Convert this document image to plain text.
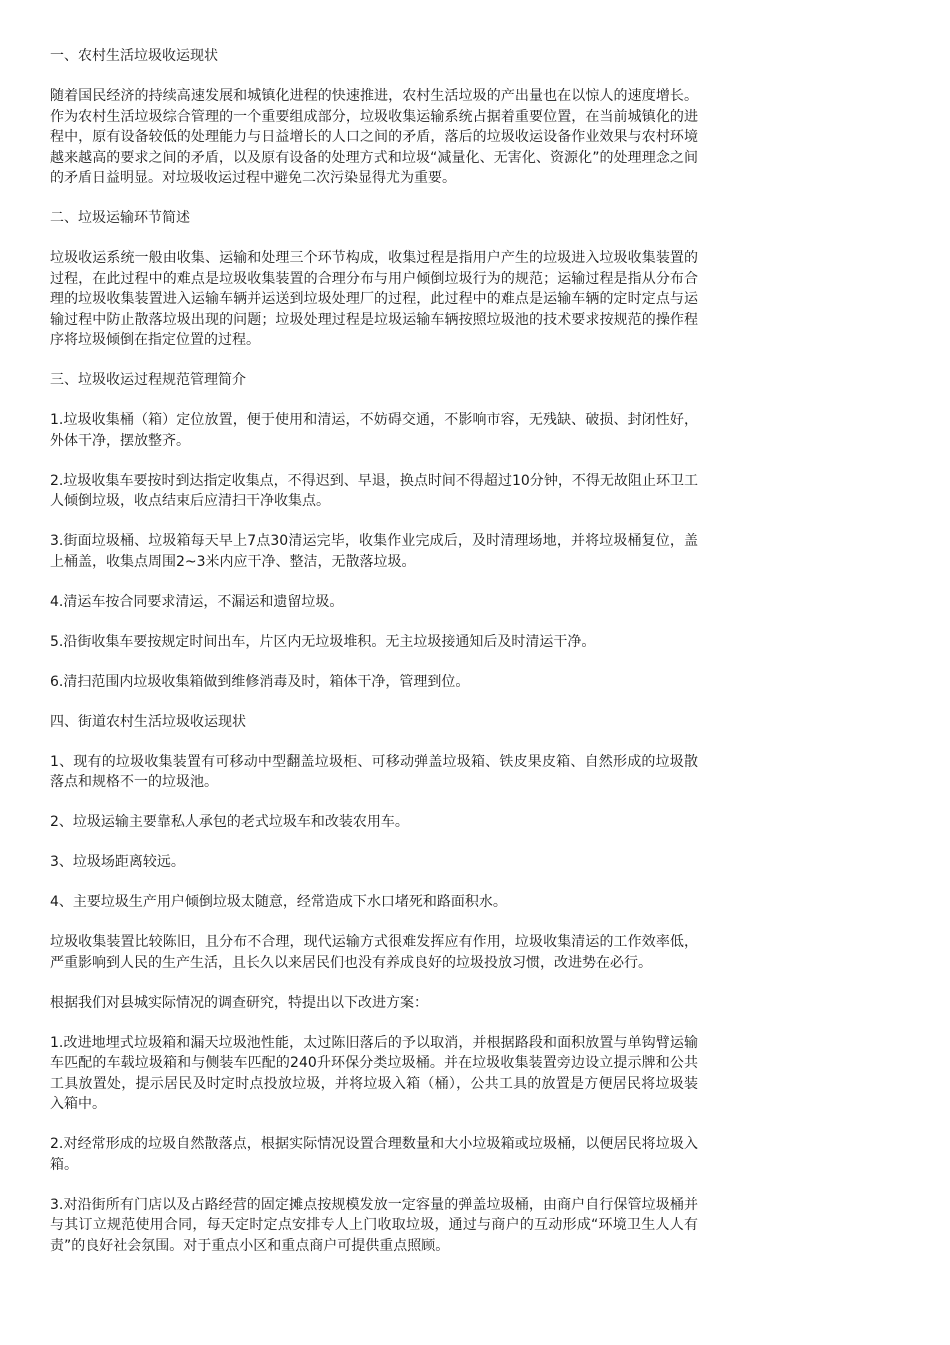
一、农村生活垃圾收运现状

随着国民经济的持续高速发展和城镇化进程的快速推进，农村生活垃圾的产出量也在以惊人的速度增长。作为农村生活垃圾综合管理的一个重要组成部分，垃圾收集运输系统占据着重要位置，在当前城镇化的进程中，原有设备较低的处理能力与日益增长的人口之间的矛盾，落后的垃圾收运设备作业效果与农村环境越来越高的要求之间的矛盾，以及原有设备的处理方式和垃圾“减量化、无害化、资源化”的处理理念之间的矛盾日益明显。对垃圾收运过程中避免二次污染显得尤为重要。

二、垃圾运输环节简述

垃圾收运系统一般由收集、运输和处理三个环节构成，收集过程是指用户产生的垃圾进入垃圾收集装置的过程，在此过程中的难点是垃圾收集装置的合理分布与用户倾倒垃圾行为的规范；运输过程是指从分布合理的垃圾收集装置进入运输车辆并运送到垃圾处理厂的过程，此过程中的难点是运输车辆的定时定点与运输过程中防止散落垃圾出现的问题；垃圾处理过程是垃圾运输车辆按照垃圾池的技术要求按规范的操作程序将垃圾倾倒在指定位置的过程。

三、垃圾收运过程规范管理简介

1.垃圾收集桶（箱）定位放置，便于使用和清运，不妨碍交通，不影响市容，无残缺、破损、封闭性好，外体干净，摆放整齐。

2.垃圾收集车要按时到达指定收集点，不得迟到、早退，换点时间不得超过10分钟，不得无故阻止环卫工人倾倒垃圾，收点结束后应清扫干净收集点。

3.街面垃圾桶、垃圾箱每天早上7点30清运完毕，收集作业完成后，及时清理场地，并将垃圾桶复位，盖上桶盖，收集点周围2~3米内应干净、整洁，无散落垃圾。

4.清运车按合同要求清运，不漏运和遗留垃圾。

5.沿街收集车要按规定时间出车，片区内无垃圾堆积。无主垃圾接通知后及时清运干净。

6.清扫范围内垃圾收集箱做到维修消毒及时，箱体干净，管理到位。

四、街道农村生活垃圾收运现状

1、现有的垃圾收集装置有可移动中型翻盖垃圾柜、可移动弹盖垃圾箱、铁皮果皮箱、自然形成的垃圾散落点和规格不一的垃圾池。

2、垃圾运输主要靠私人承包的老式垃圾车和改装农用车。

3、垃圾场距离较远。

4、主要垃圾生产用户倾倒垃圾太随意，经常造成下水口堵死和路面积水。

垃圾收集装置比较陈旧，且分布不合理，现代运输方式很难发挥应有作用，垃圾收集清运的工作效率低，严重影响到人民的生产生活，且长久以来居民们也没有养成良好的垃圾投放习惯，改进势在必行。

根据我们对县城实际情况的调查研究，特提出以下改进方案：

1.改进地埋式垃圾箱和漏天垃圾池性能，太过陈旧落后的予以取消，并根据路段和面积放置与单钩臂运输车匹配的车载垃圾箱和与侧装车匹配的240升环保分类垃圾桶。并在垃圾收集装置旁边设立提示牌和公共工具放置处，提示居民及时定时点投放垃圾，并将垃圾入箱（桶），公共工具的放置是方便居民将垃圾装入箱中。

2.对经常形成的垃圾自然散落点，根据实际情况设置合理数量和大小垃圾箱或垃圾桶，以便居民将垃圾入箱。

3.对沿街所有门店以及占路经营的固定摊点按规模发放一定容量的弹盖垃圾桶，由商户自行保管垃圾桶并与其订立规范使用合同，每天定时定点安排专人上门收取垃圾，通过与商户的互动形成“环境卫生人人有责”的良好社会氛围。对于重点小区和重点商户可提供重点照顾。
